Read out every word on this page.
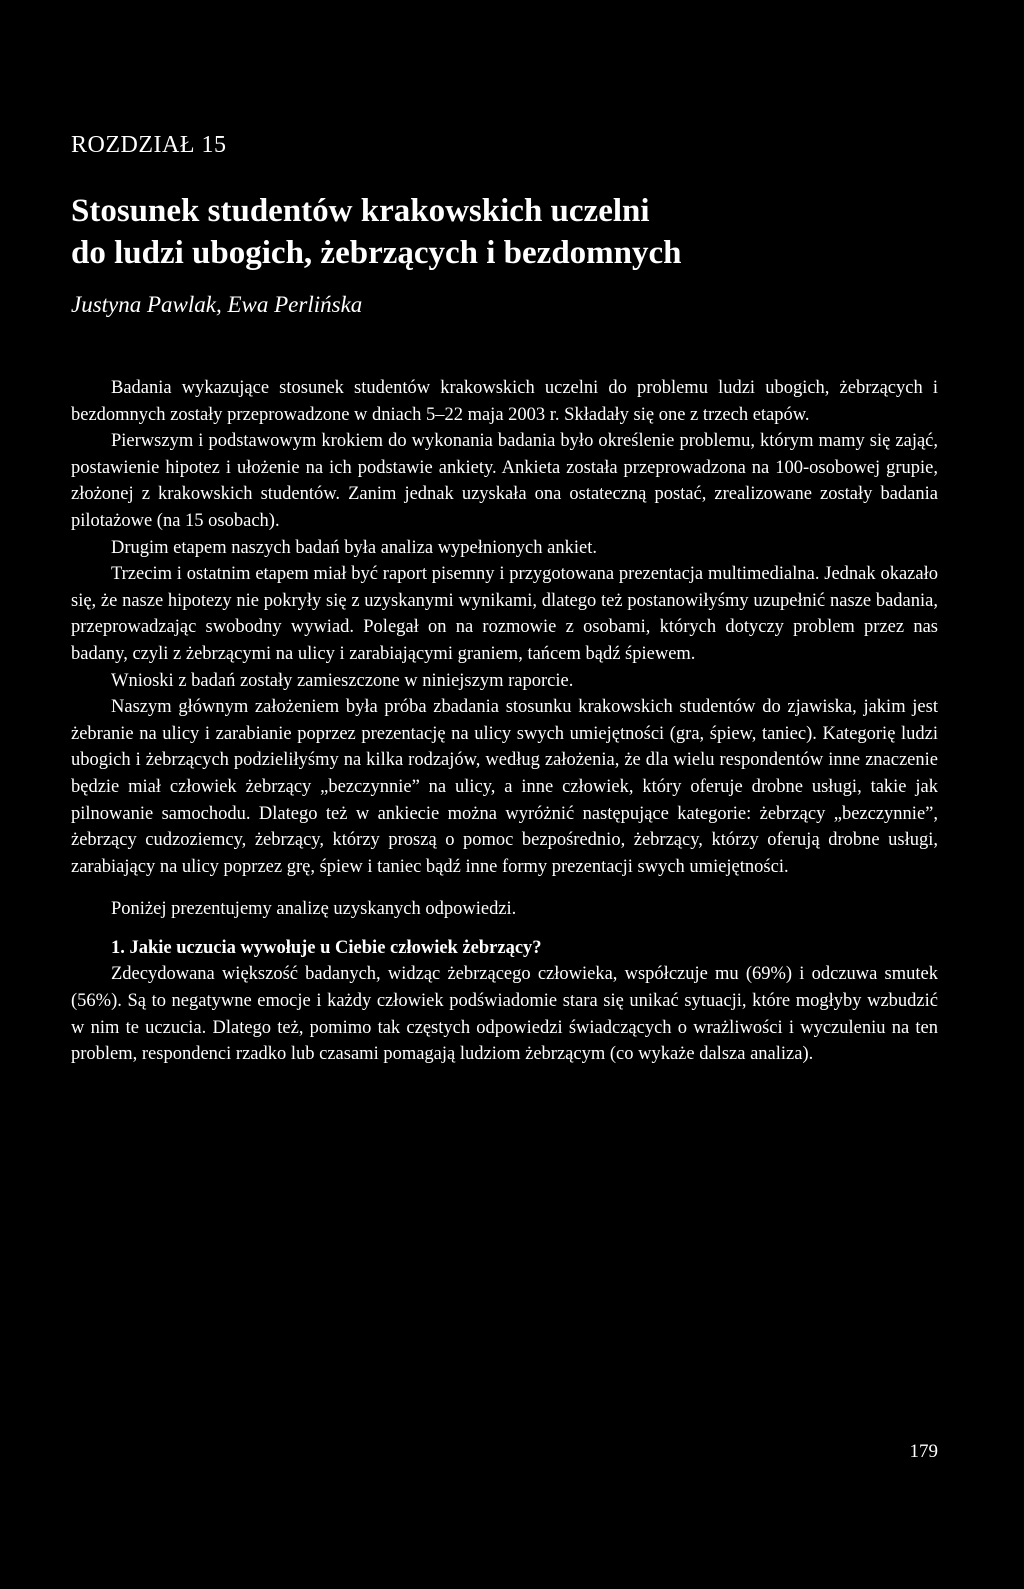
ROZDZIAŁ 15
Stosunek studentów krakowskich uczelni
do ludzi ubogich, żebrzących i bezdomnych
Justyna Pawlak, Ewa Perlińska

Badania wykazujące stosunek studentów krakowskich uczelni do problemu ludzi ubogich, żebrzących i bezdomnych zostały przeprowadzone w dniach 5–22 maja 2003 r. Składały się one z trzech etapów.

Pierwszym i podstawowym krokiem do wykonania badania było określenie problemu, którym mamy się zająć, postawienie hipotez i ułożenie na ich podstawie ankiety. Ankieta została przeprowadzona na 100-osobowej grupie, złożonej z krakowskich studentów. Zanim jednak uzyskała ona ostateczną postać, zrealizowane zostały badania pilotażowe (na 15 osobach).

Drugim etapem naszych badań była analiza wypełnionych ankiet.

Trzecim i ostatnim etapem miał być raport pisemny i przygotowana prezentacja multimedialna. Jednak okazało się, że nasze hipotezy nie pokryły się z uzyskanymi wynikami, dlatego też postanowiłyśmy uzupełnić nasze badania, przeprowadzając swobodny wywiad. Polegał on na rozmowie z osobami, których dotyczy problem przez nas badany, czyli z żebrzącymi na ulicy i zarabiającymi graniem, tańcem bądź śpiewem.

Wnioski z badań zostały zamieszczone w niniejszym raporcie.

Naszym głównym założeniem była próba zbadania stosunku krakowskich studentów do zjawiska, jakim jest żebranie na ulicy i zarabianie poprzez prezentację na ulicy swych umiejętności (gra, śpiew, taniec). Kategorię ludzi ubogich i żebrzących podzieliłyśmy na kilka rodzajów, według założenia, że dla wielu respondentów inne znaczenie będzie miał człowiek żebrzący „bezczynnie” na ulicy, a inne człowiek, który oferuje drobne usługi, takie jak pilnowanie samochodu. Dlatego też w ankiecie można wyróżnić następujące kategorie: żebrzący „bezczynnie”, żebrzący cudzoziemcy, żebrzący, którzy proszą o pomoc bezpośrednio, żebrzący, którzy oferują drobne usługi, zarabiający na ulicy poprzez grę, śpiew i taniec bądź inne formy prezentacji swych umiejętności.

Poniżej prezentujemy analizę uzyskanych odpowiedzi.

1. Jakie uczucia wywołuje u Ciebie człowiek żebrzący?

Zdecydowana większość badanych, widząc żebrzącego człowieka, współczuje mu (69%) i odczuwa smutek (56%). Są to negatywne emocje i każdy człowiek podświadomie stara się unikać sytuacji, które mogłyby wzbudzić w nim te uczucia. Dlatego też, pomimo tak częstych odpowiedzi świadczących o wrażliwości i wyczuleniu na ten problem, respondenci rzadko lub czasami pomagają ludziom żebrzącym (co wykaże dalsza analiza).

179
